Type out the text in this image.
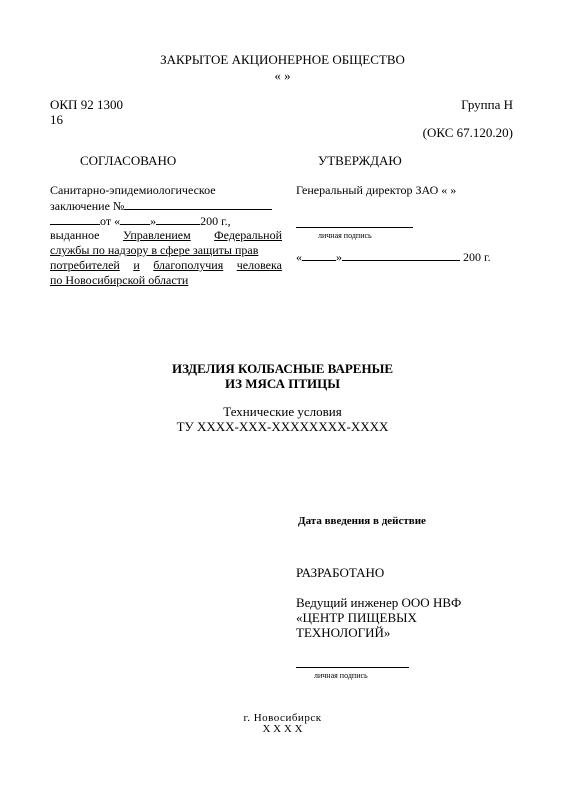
ЗАКРЫТОЕ АКЦИОНЕРНОЕ ОБЩЕСТВО
« »
ОКП 92 1300
16
Группа Н
(ОКС 67.120.20)
СОГЛАСОВАНО	УТВЕРЖДАЮ
Санитарно-эпидемиологическое
заключение №
от «	»	200 г.,
выданное Управлением Федеральной
службы по надзору в сфере защиты прав
потребителей и благополучия человека
по Новосибирской области
Генеральный директор ЗАО « »
личная подпись
«	»	200 г.
ИЗДЕЛИЯ КОЛБАСНЫЕ ВАРЕНЫЕ
ИЗ МЯСА ПТИЦЫ
Технические условия
ТУ ХХХХ-ХХХ-ХХХХХХХХ-ХХХХ
Дата введения в действие
РАЗРАБОТАНО
Ведущий инженер ООО НВФ
«ЦЕНТР ПИЩЕВЫХ
ТЕХНОЛОГИЙ»
личная подпись
г. Новосибирск
Х Х Х Х
